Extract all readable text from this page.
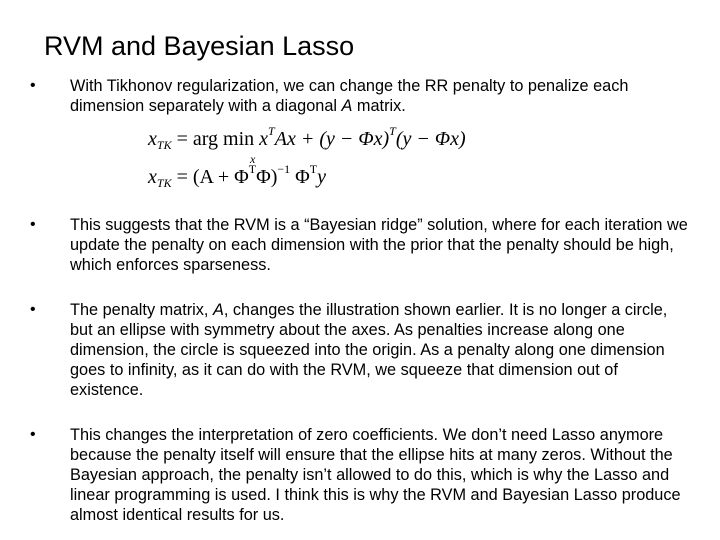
RVM and Bayesian Lasso
• With Tikhonov regularization, we can change the RR penalty to penalize each dimension separately with a diagonal A matrix.

$x_{TK}$ = arg $\min x^TAx + (y - \Phi x)^T(y - \Phi x)$
x
$x_{TK} = (A + \Phi^T\Phi)^{-1}$ $\Phi^Ty$
• This suggests that the RVM is a “Bayesian ridge” solution, where for each iteration we update the penalty on each dimension with the prior that the penalty should be high, which enforces sparseness.

• The penalty matrix, A, changes the illustration shown earlier. It is no longer a circle, but an ellipse with symmetry about the axes. As penalties increase along one dimension, the circle is squeezed into the origin. As a penalty along one dimension goes to infinity, as it can do with the RVM, we squeeze that dimension out of existence.

• This changes the interpretation of zero coefficients. We don’t need Lasso anymore because the penalty itself will ensure that the ellipse hits at many zeros. Without the Bayesian approach, the penalty isn’t allowed to do this, which is why the Lasso and linear programming is used. I think this is why the RVM and Bayesian Lasso produce almost identical results for us.
